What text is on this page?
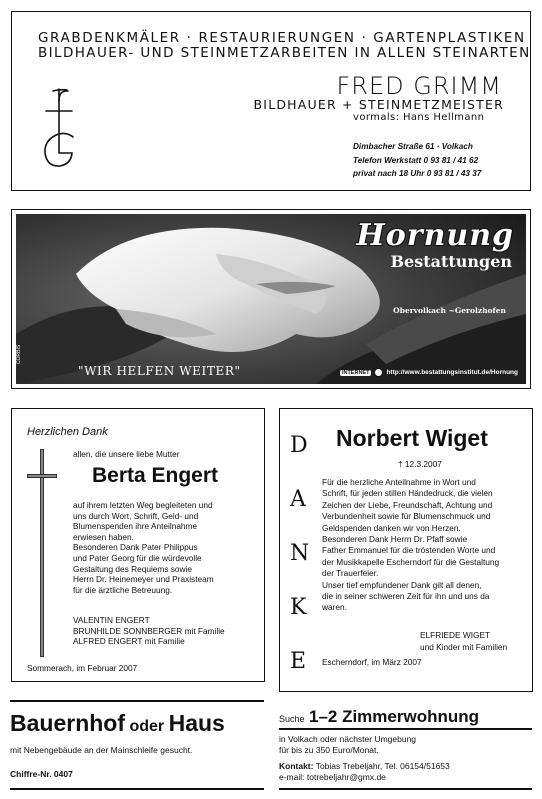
GRABDENKMÄLER · RESTAURIERUNGEN · GARTENPLASTIKEN
BILDHAUER- UND STEINMETZARBEITEN IN ALLEN STEINARTEN
FRED GRIMM
BILDHAUER + STEINMETZMEISTER
vormals: Hans Hellmann
Dimbacher Straße 61 · Volkach
Telefon Werkstatt 0 93 81 / 41 62
privat nach 18 Uhr 0 93 81 / 43 37
Hornung
Bestattungen
Obervolkach ~Gerolzhofen
"WIR HELFEN WEITER"
CORBIS
INTERNET	http://www.bestattungsinstitut.de/Hornung
Herzlichen Dank
allen, die unsere liebe Mutter
Berta Engert
auf ihrem letzten Weg begleiteten und
uns durch Wort, Schrift, Geld- und
Blumenspenden ihre Anteilnahme
erwiesen haben.
Besonderen Dank Pater Philippus
und Pater Georg für die würdevolle
Gestaltung des Requiems sowie
Herrn Dr. Heinemeyer und Praxisteam
für die ärztliche Betreuung.
VALENTIN ENGERT
BRUNHILDE SONNBERGER mit Familie
ALFRED ENGERT mit Familie
Sommerach, im Februar 2007
D
A
N
K
E
Norbert Wiget
† 12.3.2007
Für die herzliche Anteilnahme in Wort und
Schrift, für jeden stillen Händedruck, die vielen
Zeichen der Liebe, Freundschaft, Achtung und
Verbundenheit sowie für Blumenschmuck und
Geldspenden danken wir von Herzen.
Besonderen Dank Herrn Dr. Pfaff sowie
Father Emmanuel für die tröstenden Worte und
der Musikkapelle Escherndorf für die Gestaltung
der Trauerfeier.
Unser tief empfundener Dank gilt all denen,
die in seiner schweren Zeit für ihn und uns da
waren.
ELFRIEDE WIGET
und Kinder mit Familien
Escherndorf, im März 2007
Bauernhof oder Haus
mit Nebengebäude an der Mainschleife gesucht.
Chiffre-Nr. 0407
Suche 1–2 Zimmerwohnung
in Volkach oder nächster Umgebung
für bis zu 350 Euro/Monat.
Kontakt: Tobias Trebeljahr, Tel. 06154/51653
e-mail: totrebeljahr@gmx.de
